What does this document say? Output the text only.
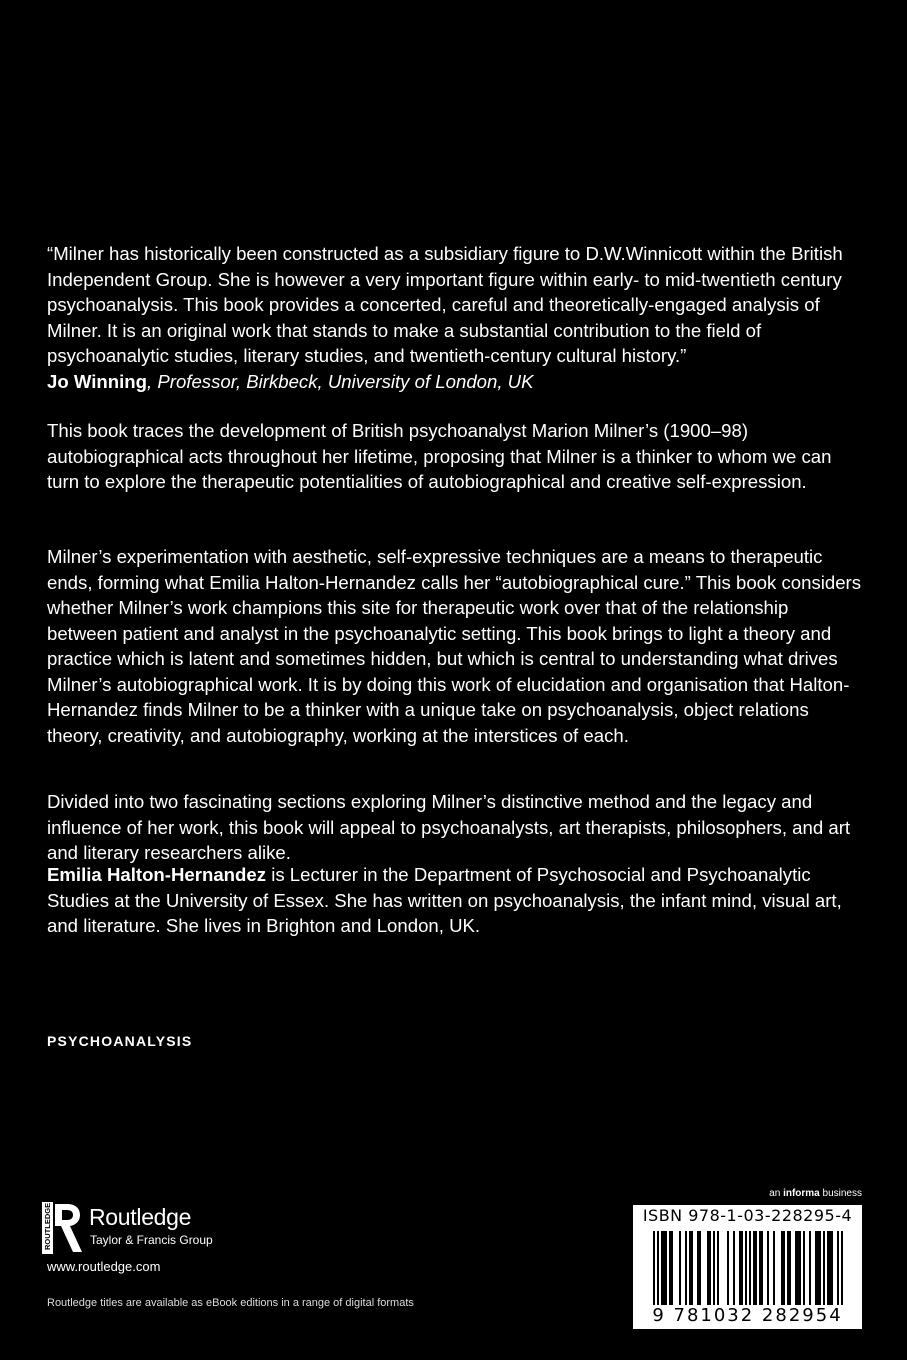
“Milner has historically been constructed as a subsidiary figure to D.W.Winnicott within the British Independent Group. She is however a very important figure within early- to mid-twentieth century psychoanalysis. This book provides a concerted, careful and theoretically-engaged analysis of Milner. It is an original work that stands to make a substantial contribution to the field of psychoanalytic studies, literary studies, and twentieth-century cultural history.”

Jo Winning, Professor, Birkbeck, University of London, UK

This book traces the development of British psychoanalyst Marion Milner’s (1900–98) autobiographical acts throughout her lifetime, proposing that Milner is a thinker to whom we can turn to explore the therapeutic potentialities of autobiographical and creative self-expression.

Milner’s experimentation with aesthetic, self-expressive techniques are a means to therapeutic ends, forming what Emilia Halton-Hernandez calls her “autobiographical cure.” This book considers whether Milner’s work champions this site for therapeutic work over that of the relationship between patient and analyst in the psychoanalytic setting. This book brings to light a theory and practice which is latent and sometimes hidden, but which is central to understanding what drives Milner’s autobiographical work. It is by doing this work of elucidation and organisation that Halton-Hernandez finds Milner to be a thinker with a unique take on psychoanalysis, object relations theory, creativity, and autobiography, working at the interstices of each.

Divided into two fascinating sections exploring Milner’s distinctive method and the legacy and influence of her work, this book will appeal to psychoanalysts, art therapists, philosophers, and art and literary researchers alike.

Emilia Halton-Hernandez is Lecturer in the Department of Psychosocial and Psychoanalytic Studies at the University of Essex. She has written on psychoanalysis, the infant mind, visual art, and literature. She lives in Brighton and London, UK.

PSYCHOANALYSIS
ROUTLEDGE Routledge
Taylor & Francis Group
www.routledge.com
Routledge titles are available as eBook editions in a range of digital formats
an informa business
ISBN 978-1-03-228295-4
9 781032 282954
